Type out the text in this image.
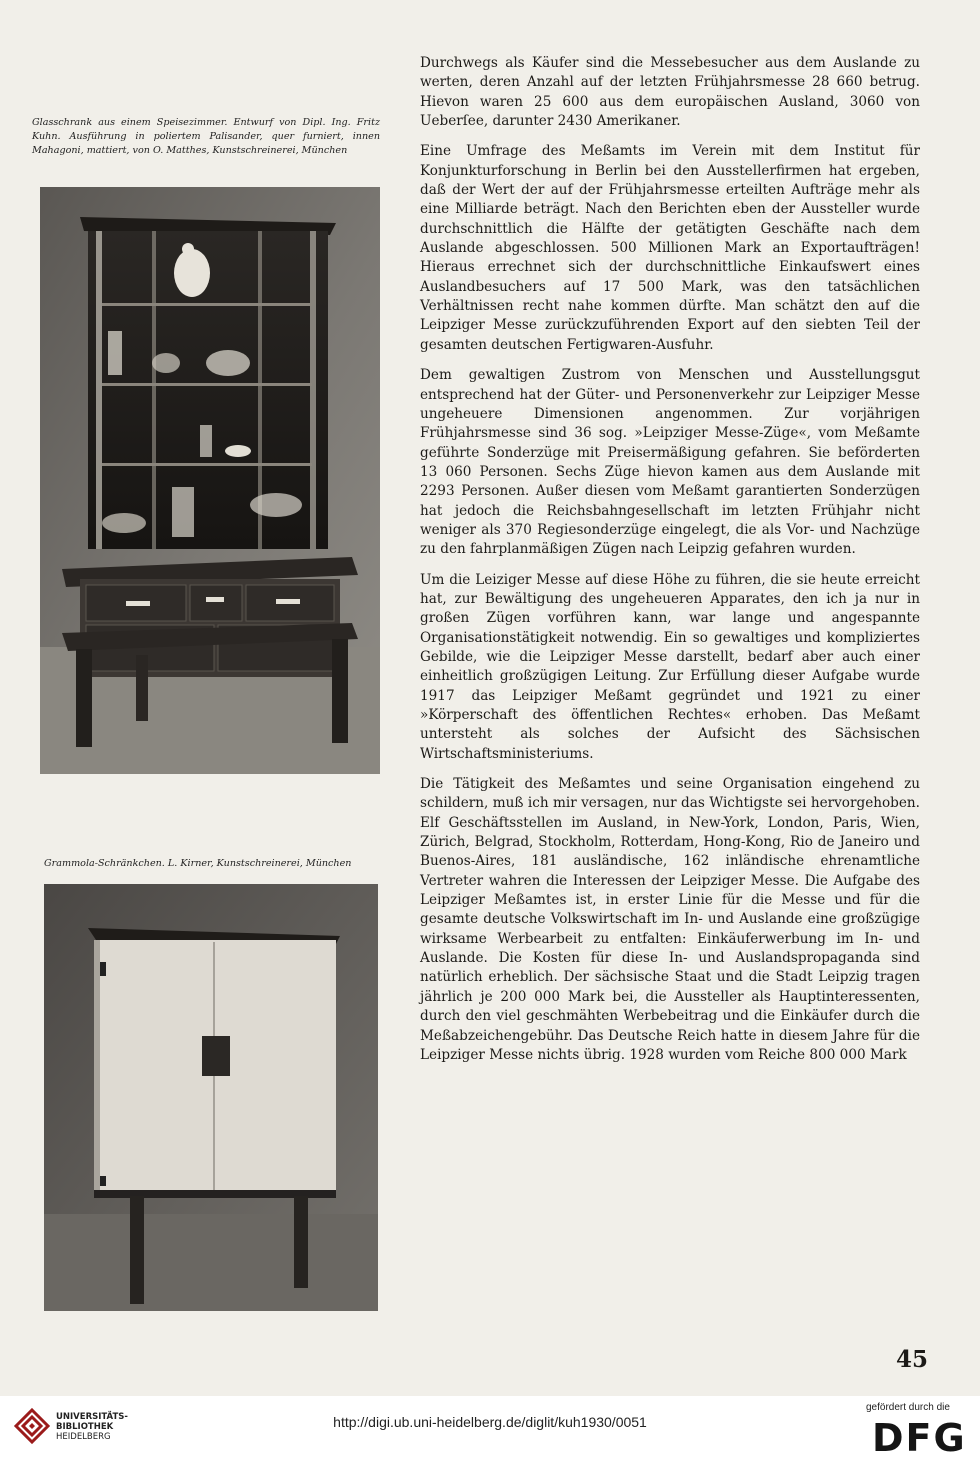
Glasschrank aus einem Speisezimmer. Entwurf von Dipl. Ing. Fritz Kuhn. Ausführung in poliertem Palisander, quer furniert, innen Mahagoni, mattiert, von O. Matthes, Kunstschreinerei, München
Grammola-Schränkchen. L. Kirner, Kunstschreinerei, München

Durchwegs als Käufer sind die Messebesucher aus dem Auslande zu werten, deren Anzahl auf der letzten Frühjahrsmesse 28 660 betrug. Hievon waren 25 600 aus dem europäischen Ausland, 3060 von Ueberſee, darunter 2430 Amerikaner.

Eine Umfrage des Meßamts im Verein mit dem Institut für Konjunkturforschung in Berlin bei den Ausstellerfirmen hat ergeben, daß der Wert der auf der Frühjahrsmesse erteilten Aufträge mehr als eine Milliarde beträgt. Nach den Berichten eben der Aussteller wurde durchschnittlich die Hälfte der getätigten Geschäfte nach dem Auslande abgeschlossen. 500 Millionen Mark an Exportaufträgen! Hieraus errechnet sich der durchschnittliche Einkaufswert eines Auslandbesuchers auf 17 500 Mark, was den tatsächlichen Verhältnissen recht nahe kommen dürfte. Man schätzt den auf die Leipziger Messe zurückzuführenden Export auf den siebten Teil der gesamten deutschen Fertigwaren-Ausfuhr.

Dem gewaltigen Zustrom von Menschen und Ausstellungsgut entsprechend hat der Güter- und Personenverkehr zur Leipziger Messe ungeheuere Dimensionen angenommen. Zur vorjährigen Frühjahrsmesse sind 36 sog. »Leipziger Messe-Züge«, vom Meßamte geführte Sonderzüge mit Preisermäßigung gefahren. Sie beförderten 13 060 Personen. Sechs Züge hievon kamen aus dem Auslande mit 2293 Personen. Außer diesen vom Meßamt garantierten Sonderzügen hat jedoch die Reichsbahngesellschaft im letzten Frühjahr nicht weniger als 370 Regiesonderzüge eingelegt, die als Vor- und Nachzüge zu den fahrplanmäßigen Zügen nach Leipzig gefahren wurden.

Um die Leiziger Messe auf diese Höhe zu führen, die sie heute erreicht hat, zur Bewältigung des ungeheueren Apparates, den ich ja nur in großen Zügen vorführen kann, war lange und angespannte Organisationstätigkeit notwendig. Ein so gewaltiges und kompliziertes Gebilde, wie die Leipziger Messe darstellt, bedarf aber auch einer einheitlich großzügigen Leitung. Zur Erfüllung dieser Aufgabe wurde 1917 das Leipziger Meßamt gegründet und 1921 zu einer »Körperschaft des öffentlichen Rechtes« erhoben. Das Meßamt untersteht als solches der Aufsicht des Sächsischen Wirtschaftsministeriums.

Die Tätigkeit des Meßamtes und seine Organisation eingehend zu schildern, muß ich mir versagen, nur das Wichtigste sei hervorgehoben. Elf Geschäftsstellen im Ausland, in New-York, London, Paris, Wien, Zürich, Belgrad, Stockholm, Rotterdam, Hong-Kong, Rio de Janeiro und Buenos-Aires, 181 ausländische, 162 inländische ehrenamtliche Vertreter wahren die Interessen der Leipziger Messe. Die Aufgabe des Leipziger Meßamtes ist, in erster Linie für die Messe und für die gesamte deutsche Volkswirtschaft im In- und Auslande eine großzügige wirksame Werbearbeit zu entfalten: Einkäuferwerbung im In- und Auslande. Die Kosten für diese In- und Auslandspropaganda sind natürlich erheblich. Der sächsische Staat und die Stadt Leipzig tragen jährlich je 200 000 Mark bei, die Aussteller als Hauptinteressenten, durch den viel geschmähten Werbebeitrag und die Einkäufer durch die Meßabzeichengebühr. Das Deutsche Reich hatte in diesem Jahre für die Leipziger Messe nichts übrig. 1928 wurden vom Reiche 800 000 Mark

45
UNIVERSITÄTS-
BIBLIOTHEK
HEIDELBERG
http://digi.ub.uni-heidelberg.de/diglit/kuh1930/0051
gefördert durch die
DFG
